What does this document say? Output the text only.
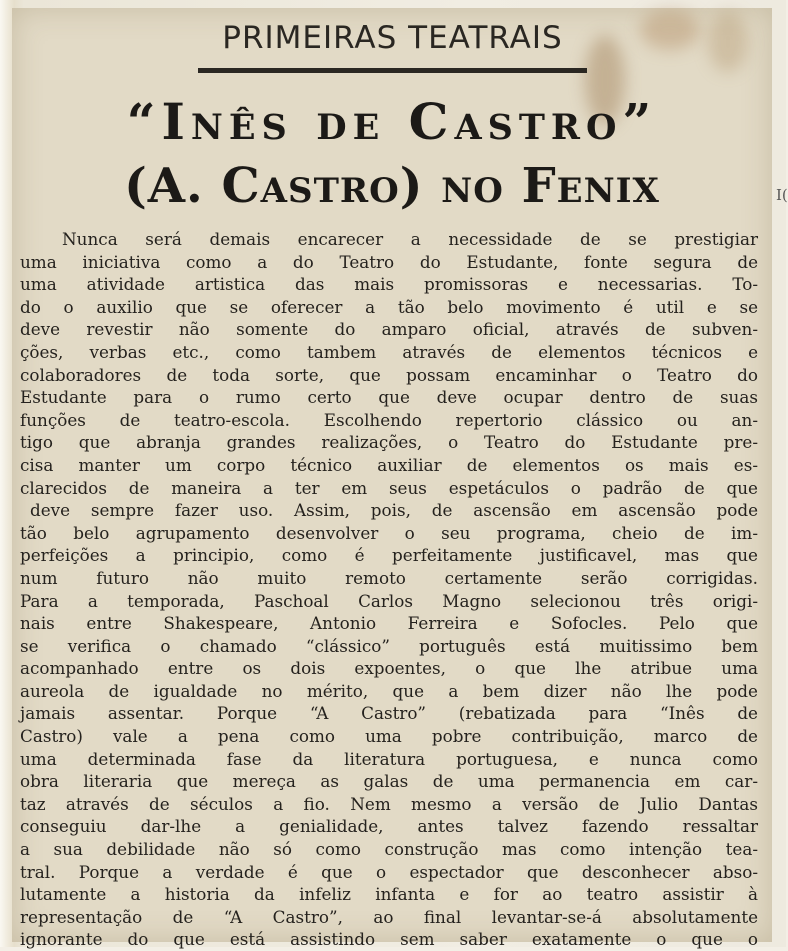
I(
PRIMEIRAS TEATRAIS
“Inês de Castro”
(A. Castro) no Fenix
Nunca será demais encarecer a necessidade de se prestigiar
uma iniciativa como a do Teatro do Estudante, fonte segura de
uma atividade artistica das mais promissoras e necessarias. To-
do o auxilio que se oferecer a tão belo movimento é util e se
deve revestir não somente do amparo oficial, através de subven-
ções, verbas etc., como tambem através de elementos técnicos e
colaboradores de toda sorte, que possam encaminhar o Teatro do
Estudante para o rumo certo que deve ocupar dentro de suas
funções de teatro-escola. Escolhendo repertorio clássico ou an-
tigo que abranja grandes realizações, o Teatro do Estudante pre-
cisa manter um corpo técnico auxiliar de elementos os mais es-
clarecidos de maneira a ter em seus espetáculos o padrão de que
deve sempre fazer uso. Assim, pois, de ascensão em ascensão pode
tão belo agrupamento desenvolver o seu programa, cheio de im-
perfeições a principio, como é perfeitamente justificavel, mas que
num futuro não muito remoto certamente serão corrigidas.
Para a temporada, Paschoal Carlos Magno selecionou três origi-
nais entre Shakespeare, Antonio Ferreira e Sofocles. Pelo que
se verifica o chamado “clássico” português está muitissimo bem
acompanhado entre os dois expoentes, o que lhe atribue uma
aureola de igualdade no mérito, que a bem dizer não lhe pode
jamais assentar. Porque “A Castro” (rebatizada para “Inês de
Castro) vale a pena como uma pobre contribuição, marco de
uma determinada fase da literatura portuguesa, e nunca como
obra literaria que mereça as galas de uma permanencia em car-
taz através de séculos a fio. Nem mesmo a versão de Julio Dantas
conseguiu dar-lhe a genialidade, antes talvez fazendo ressaltar
a sua debilidade não só como construção mas como intenção tea-
tral. Porque a verdade é que o espectador que desconhecer abso-
lutamente a historia da infeliz infanta e for ao teatro assistir à
representação de “A Castro”, ao final levantar-se-á absolutamente
ignorante do que está assistindo sem saber exatamente o que o
